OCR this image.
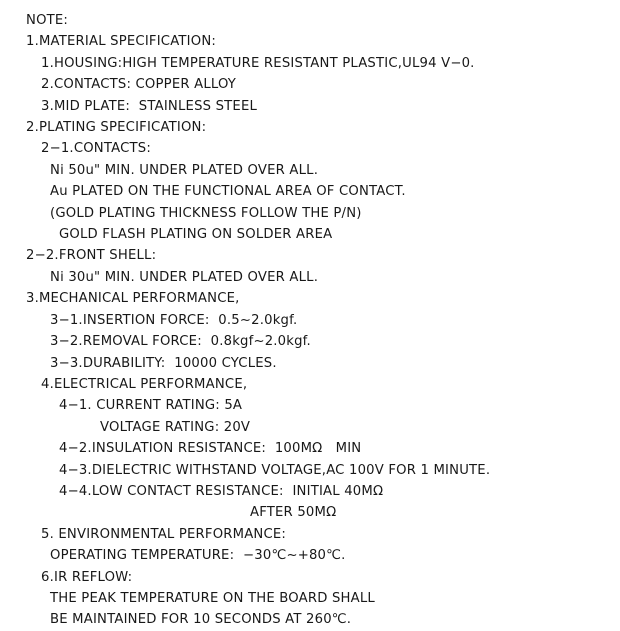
NOTE:
1.MATERIAL SPECIFICATION:
1.HOUSING:HIGH TEMPERATURE RESISTANT PLASTIC,UL94 V−0.
2.CONTACTS: COPPER ALLOY
3.MID PLATE:  STAINLESS STEEL
2.PLATING SPECIFICATION:
2−1.CONTACTS:
Ni 50u" MIN. UNDER PLATED OVER ALL.
Au PLATED ON THE FUNCTIONAL AREA OF CONTACT.
(GOLD PLATING THICKNESS FOLLOW THE P/N)
GOLD FLASH PLATING ON SOLDER AREA
2−2.FRONT SHELL:
Ni 30u" MIN. UNDER PLATED OVER ALL.
3.MECHANICAL PERFORMANCE,
3−1.INSERTION FORCE:  0.5~2.0kgf.
3−2.REMOVAL FORCE:  0.8kgf~2.0kgf.
3−3.DURABILITY:  10000 CYCLES.
4.ELECTRICAL PERFORMANCE,
4−1. CURRENT RATING: 5A
VOLTAGE RATING: 20V
4−2.INSULATION RESISTANCE:  100MΩ   MIN
4−3.DIELECTRIC WITHSTAND VOLTAGE,AC 100V FOR 1 MINUTE.
4−4.LOW CONTACT RESISTANCE:  INITIAL 40MΩ
AFTER 50MΩ
5. ENVIRONMENTAL PERFORMANCE:
OPERATING TEMPERATURE:  −30℃~+80℃.
6.IR REFLOW:
THE PEAK TEMPERATURE ON THE BOARD SHALL
BE MAINTAINED FOR 10 SECONDS AT 260℃.
